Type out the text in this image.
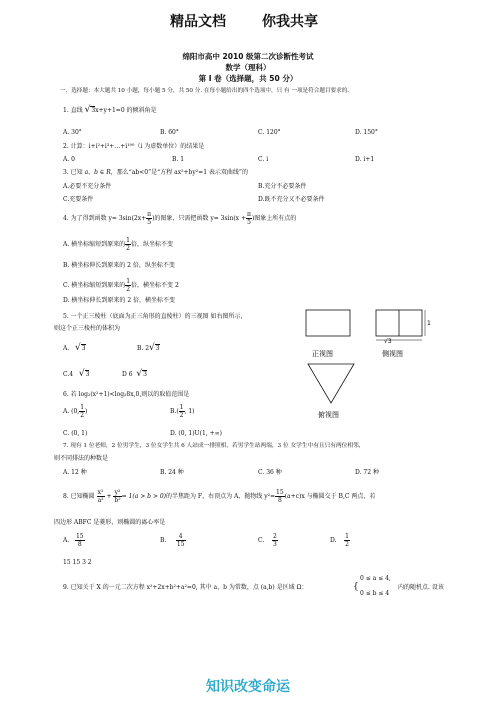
精品文档	你我共享
绵阳市高中 2010 级第二次诊断性考试
数学（理科）
第 I 卷（选择题，共 50 分）
一、选择题：本大题共 10 小题，每小题 5 分，共 50 分. 在每小题给出的四个选项中，只 有 一项是符合题目要求的.
1. 直线 √3x+y+1=0 的倾斜角是
A. 30°	B. 60°	C. 120°	D. 150°
2. 计算：i+i²+i³+…+i¹⁰⁰（i 为虚数单位）的结果是
A. 0	B. 1	C. i	D. i+1
3. 已知 a、b ∈ R，那么“ab<0”是“方程 ax²+by²=1 表示双曲线”的
A.必要不充分条件	B.充分不必要条件
C.充要条件	D.既不充分又不必要条件
4. 为了得到函数 $y= 3\sin(2x+ \frac{\pi}{5}$ )的图象，只需把函数 $y= 3\sin(x + \frac{\pi}{5}$ )图象上所有点的
A. 横坐标缩短到原来的 $\frac{1}{2}$ 倍，纵坐标不变
B. 横坐标伸长到原来的 2 倍，纵坐标不变
C. 横坐标缩短到原来的 $\frac{1}{2}$ 倍，横坐标不变 2
D. 横坐标伸长到原来的 2 倍，横坐标不变
5. 一个正三棱柱（底面为正三角形的直棱柱）的三视图 如右图所示，
则这个正三棱柱的体积为
A. √3	B. 2√3
C.4 √3	D 6 √3
√3
1
正视图	侧视图
俯视图
6. 若 log₂(x²+1)<log₂8x,0,则以的取值范围是
A. (0, $\frac{1}{2}$ )	$B.( \frac{1}{2}$ , 1)
C. (0, 1)	D. (0, 1)U(1, +∞)
7. 现有 1 位老师，2 位男学生，3 位女学生共 6 人站成一排照相，若男学生站两端，3 位 女学生中有且只有两位相邻，
则不同排法的种数是
A. 12 种	B. 24 种	C. 36 种	D. 72 种
8. 已知椭圆 $\frac{\text{x²}}{\text{a²}} + \frac{\text{y²}}{\text{b²}} = 1(a > b > 0)$的半焦距为 F，右顶点为 A，抛物线 $y^2= \frac{15}{8} (a+c)x$ 与椭圆交于 B,C 两点，若
四边形 ABFC 是菱形，则椭圆的离心率是
A. $\frac{15}{8}$	B. $\frac{4}{15}$	C. $\frac{2}{3}$	D. $\frac{1}{2}$
15 15 3 2
9. 已知关于 X 的一元二次方程 x²+2x+b²+a²=0, 其中 a、b 为常数，点 (a,b) 是区域 Ω：	{
0 ≤ a ≤ 4,
0 ≤ b ≤ 4
内的随机点. 设该
知识改变命运
